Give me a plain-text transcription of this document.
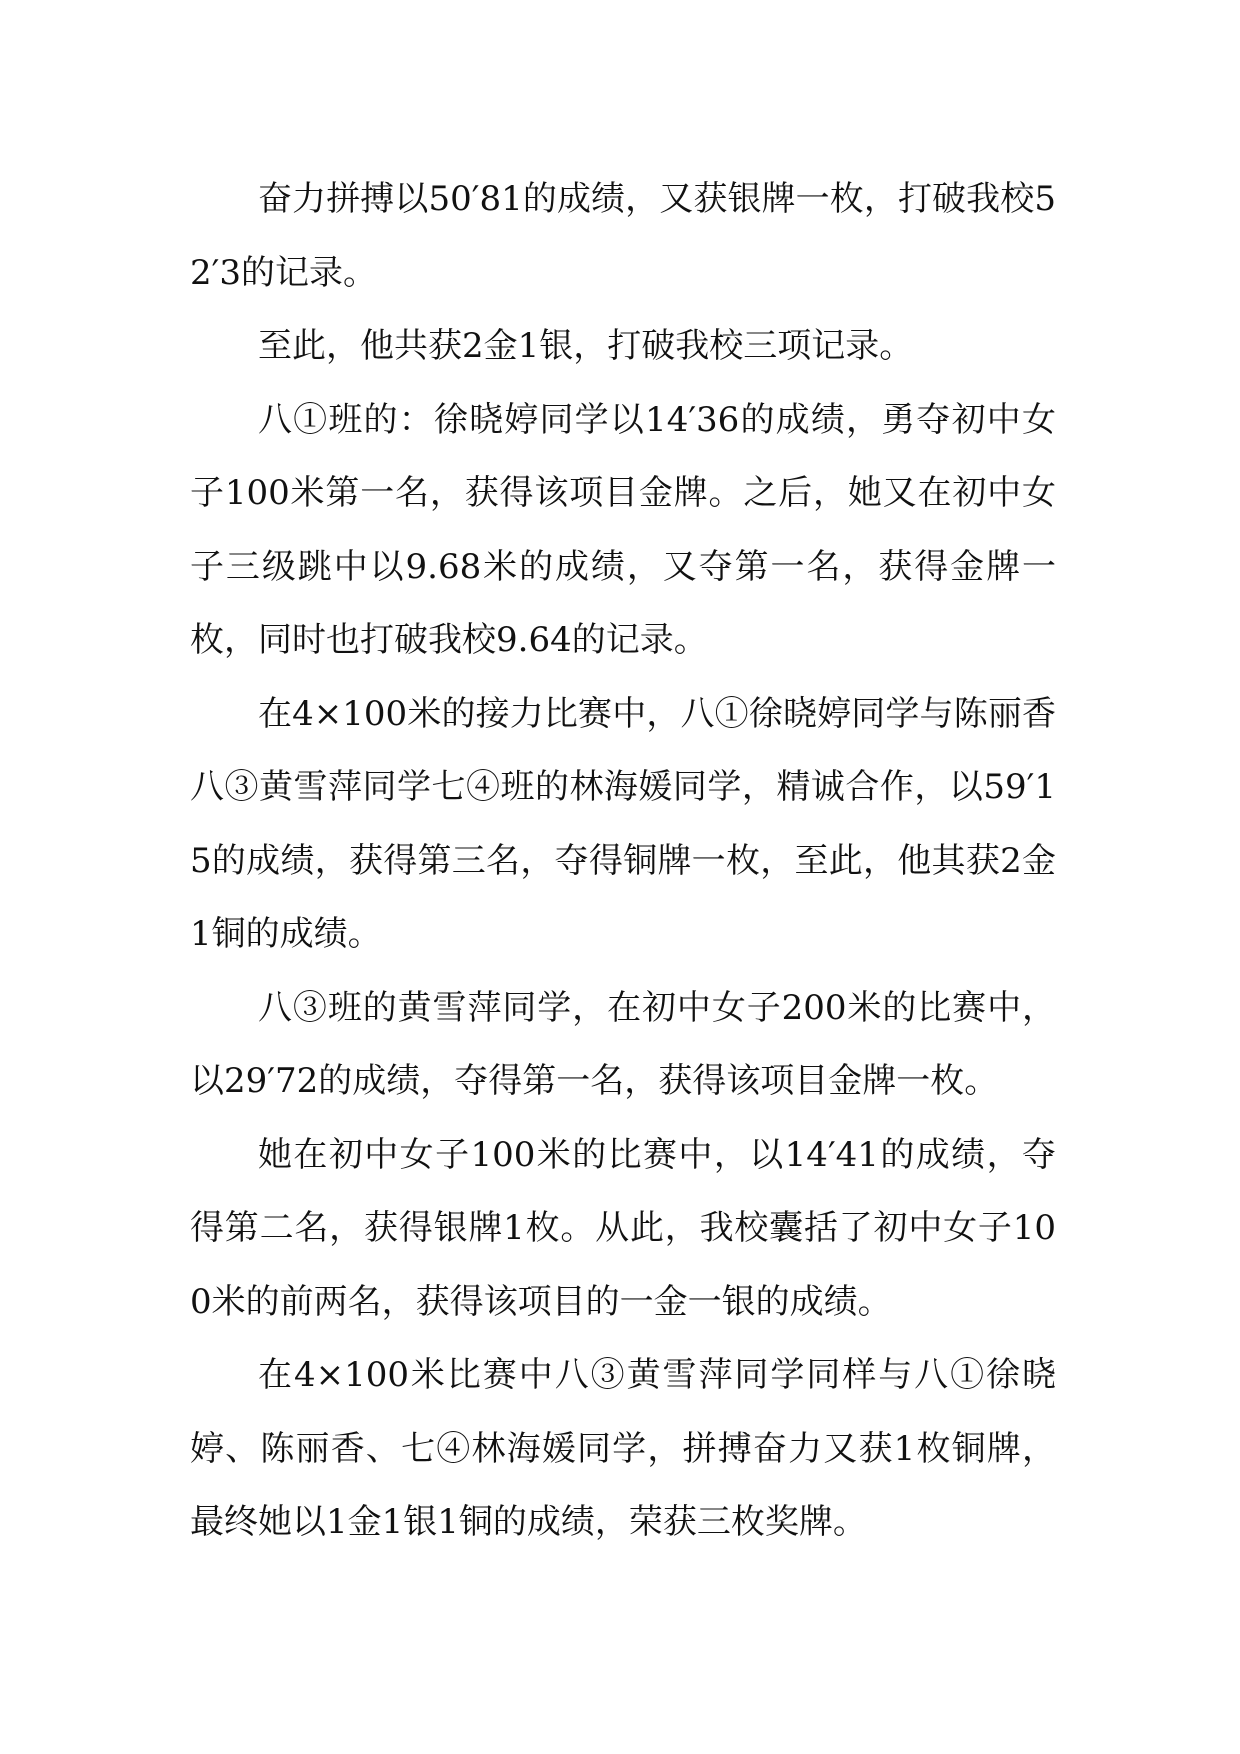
奋力拼搏以50′81的成绩，又获银牌一枚，打破我校52′3的记录。

至此，他共获2金1银，打破我校三项记录。

八①班的：徐晓婷同学以14′36的成绩，勇夺初中女子100米第一名，获得该项目金牌。之后，她又在初中女子三级跳中以9.68米的成绩，又夺第一名，获得金牌一枚，同时也打破我校9.64的记录。

在4×100米的接力比赛中，八①徐晓婷同学与陈丽香八③黄雪萍同学七④班的林海媛同学，精诚合作，以59′15的成绩，获得第三名，夺得铜牌一枚，至此，他其获2金1铜的成绩。

八③班的黄雪萍同学，在初中女子200米的比赛中，以29′72的成绩，夺得第一名，获得该项目金牌一枚。

她在初中女子100米的比赛中，以14′41的成绩，夺得第二名，获得银牌1枚。从此，我校囊括了初中女子100米的前两名，获得该项目的一金一银的成绩。

在4×100米比赛中八③黄雪萍同学同样与八①徐晓婷、陈丽香、七④林海媛同学，拼搏奋力又获1枚铜牌，最终她以1金1银1铜的成绩，荣获三枚奖牌。
